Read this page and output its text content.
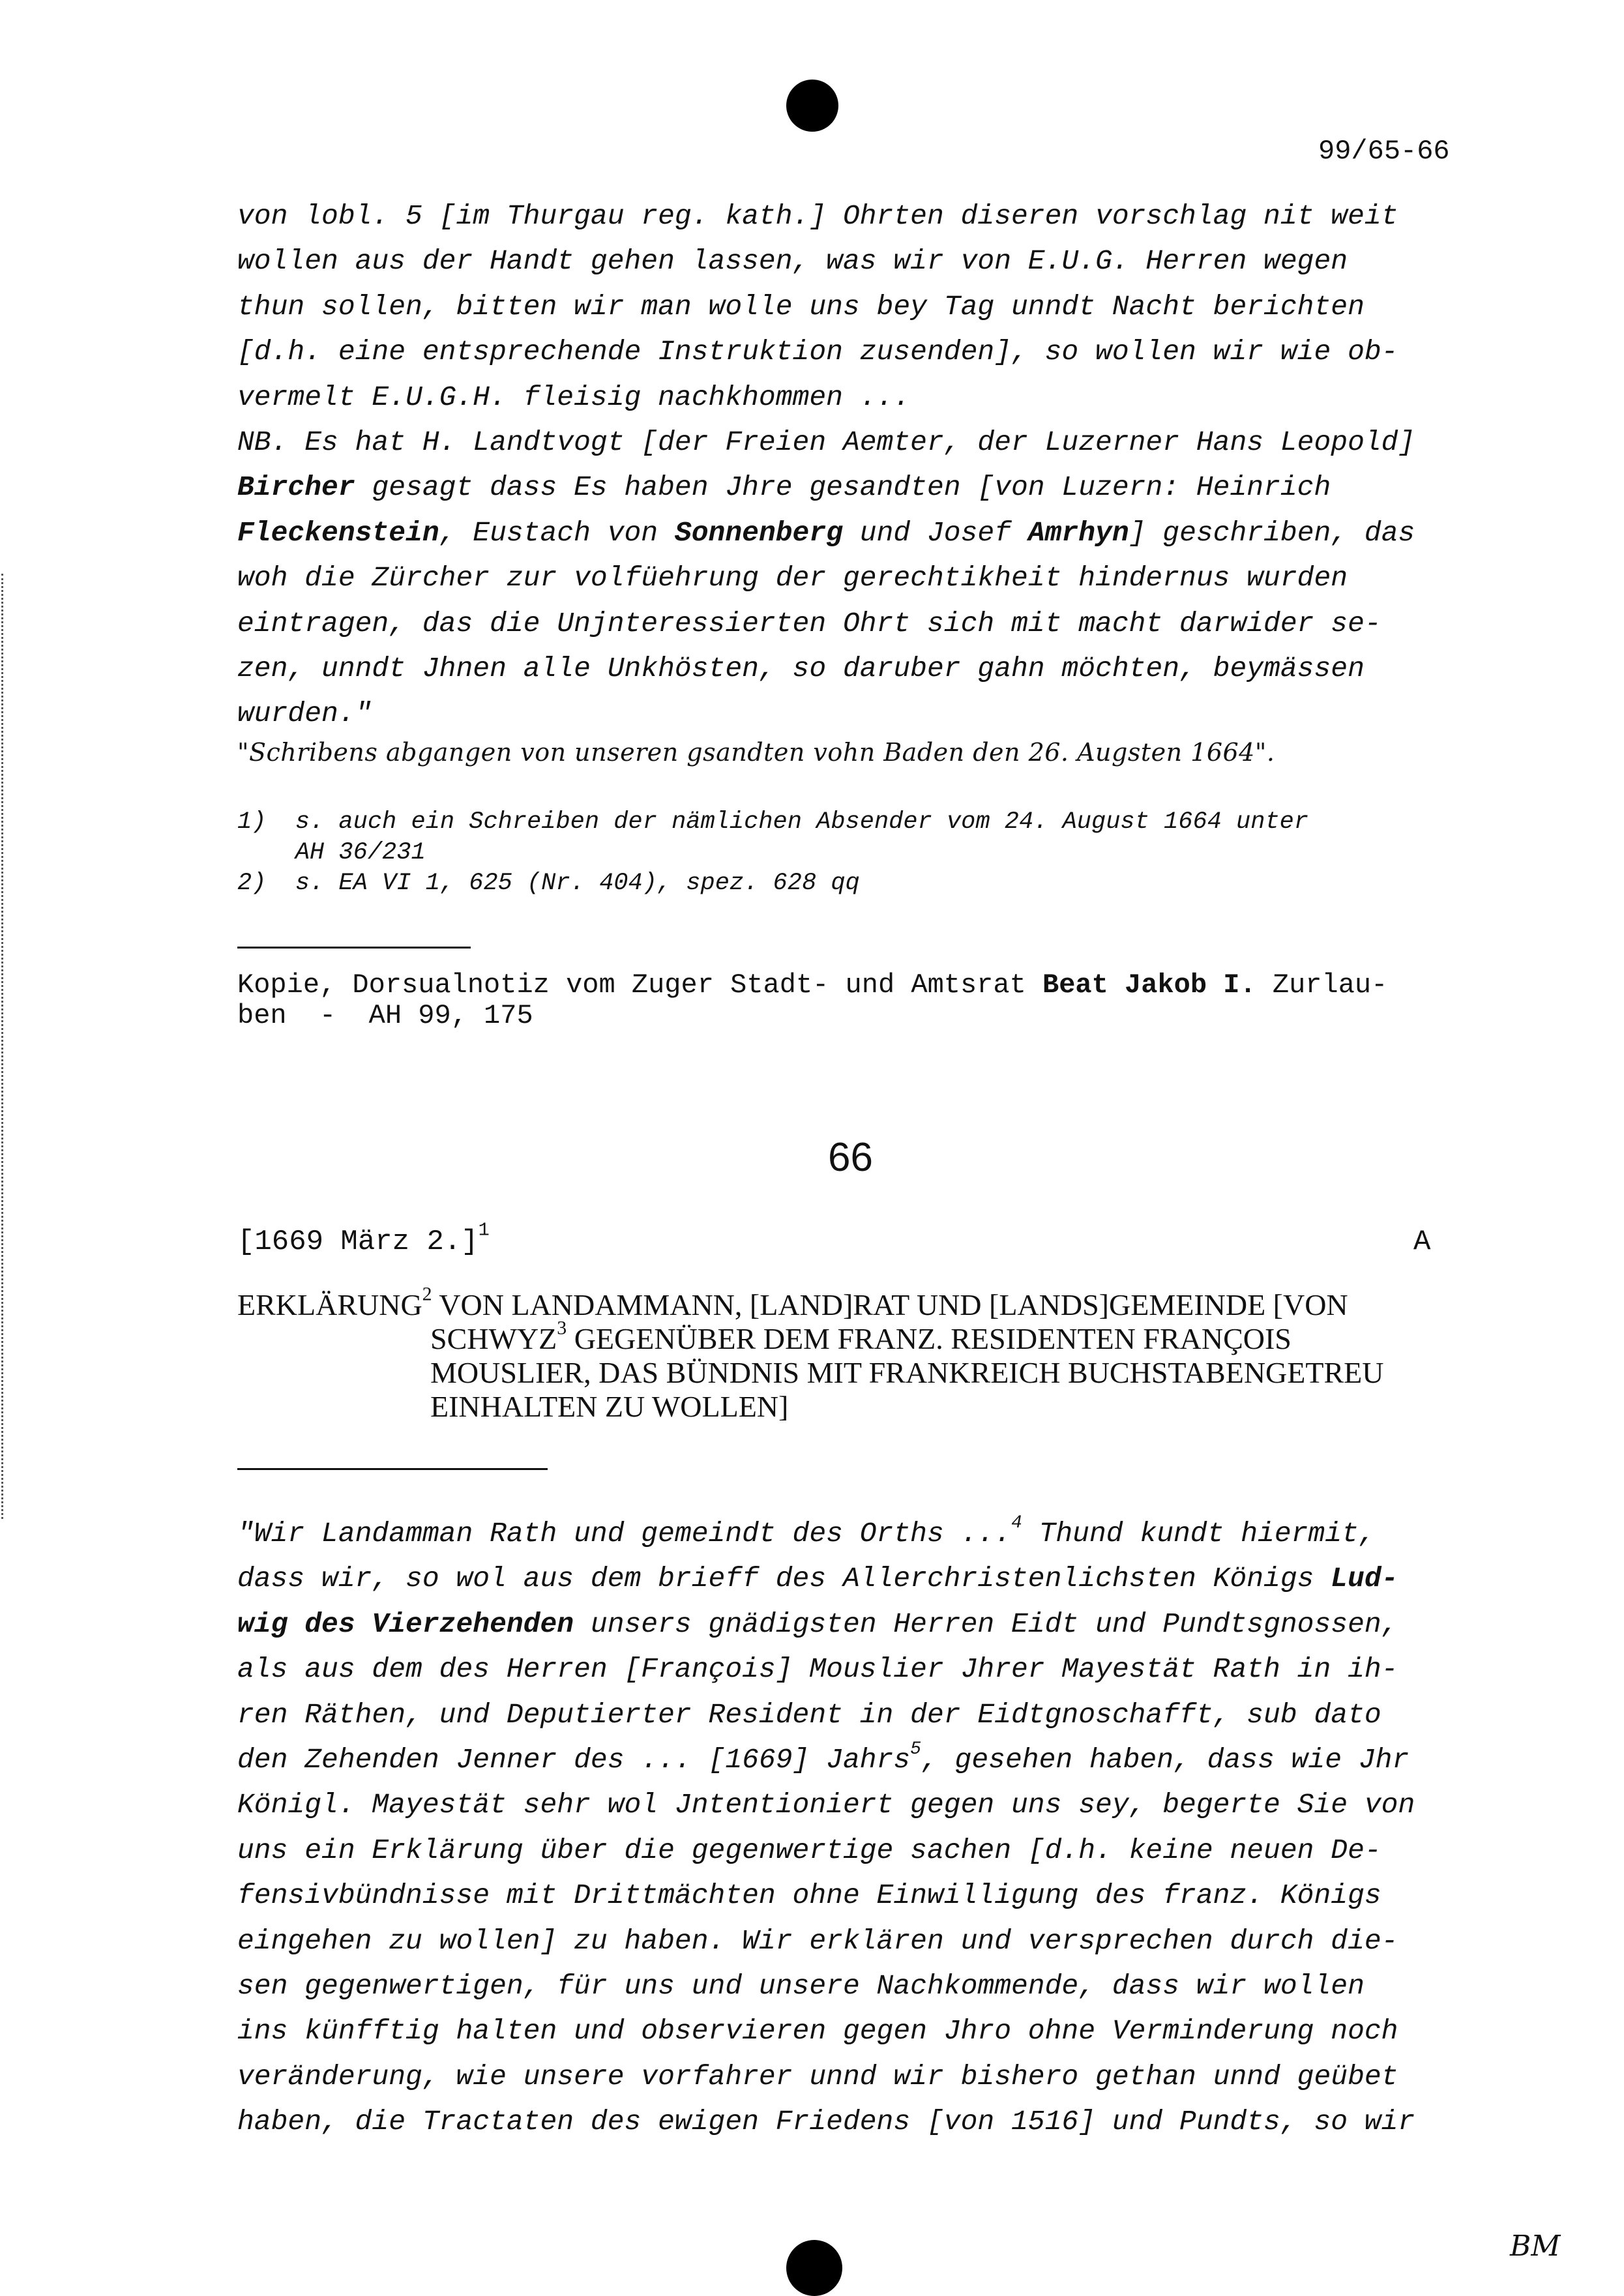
99/65-66
von lobl. 5 [im Thurgau reg. kath.] Ohrten diseren vorschlag nit weit
wollen aus der Handt gehen lassen, was wir von E.U.G. Herren wegen
thun sollen, bitten wir man wolle uns bey Tag unndt Nacht berichten
[d.h. eine entsprechende Instruktion zusenden], so wollen wir wie ob-
vermelt E.U.G.H. fleisig nachkhommen ...
NB. Es hat H. Landtvogt [der Freien Aemter, der Luzerner Hans Leopold]
Bircher gesagt dass Es haben Jhre gesandten [von Luzern: Heinrich
Fleckenstein, Eustach von Sonnenberg und Josef Amrhyn] geschriben, das
woh die Zürcher zur volfüehrung der gerechtikheit hindernus wurden
eintragen, das die Unjnteressierten Ohrt sich mit macht darwider se-
zen, unndt Jhnen alle Unkhösten, so daruber gahn möchten, beymässen
wurden."
"Schribens abgangen von unseren gsandten vohn Baden den 26. Augsten 1664".
1)  s. auch ein Schreiben der nämlichen Absender vom 24. August 1664 unter
AH 36/231
2)  s. EA VI 1, 625 (Nr. 404), spez. 628 qq
Kopie, Dorsualnotiz vom Zuger Stadt- und Amtsrat Beat Jakob I. Zurlau-
ben  -  AH 99, 175
66
[1669 März 2.]$^1$	A
ERKLÄRUNG$^2$ VON LANDAMMANN, [LAND]RAT UND [LANDS]GEMEINDE [VON
SCHWYZ$^3$ GEGENÜBER DEM FRANZ. RESIDENTEN FRANÇOIS
MOUSLIER, DAS BÜNDNIS MIT FRANKREICH BUCHSTABENGETREU
EINHALTEN ZU WOLLEN]
"Wir Landamman Rath und gemeindt des Orths ...$^4$ Thund kundt hiermit,
dass wir, so wol aus dem brieff des Allerchristenlichsten Königs Lud-
wig des Vierzehenden unsers gnädigsten Herren Eidt und Pundtsgnossen,
als aus dem des Herren [François] Mouslier Jhrer Mayestät Rath in ih-
ren Räthen, und Deputierter Resident in der Eidtgnoschafft, sub dato
den Zehenden Jenner des ... [1669] Jahrs$^5$, gesehen haben, dass wie Jhr
Königl. Mayestät sehr wol Jntentioniert gegen uns sey, begerte Sie von
uns ein Erklärung über die gegenwertige sachen [d.h. keine neuen De-
fensivbündnisse mit Drittmächten ohne Einwilligung des franz. Königs
eingehen zu wollen] zu haben. Wir erklären und versprechen durch die-
sen gegenwertigen, für uns und unsere Nachkommende, dass wir wollen
ins künfftig halten und observieren gegen Jhro ohne Verminderung noch
veränderung, wie unsere vorfahrer unnd wir bishero gethan unnd geübet
haben, die Tractaten des ewigen Friedens [von 1516] und Pundts, so wir
BM
